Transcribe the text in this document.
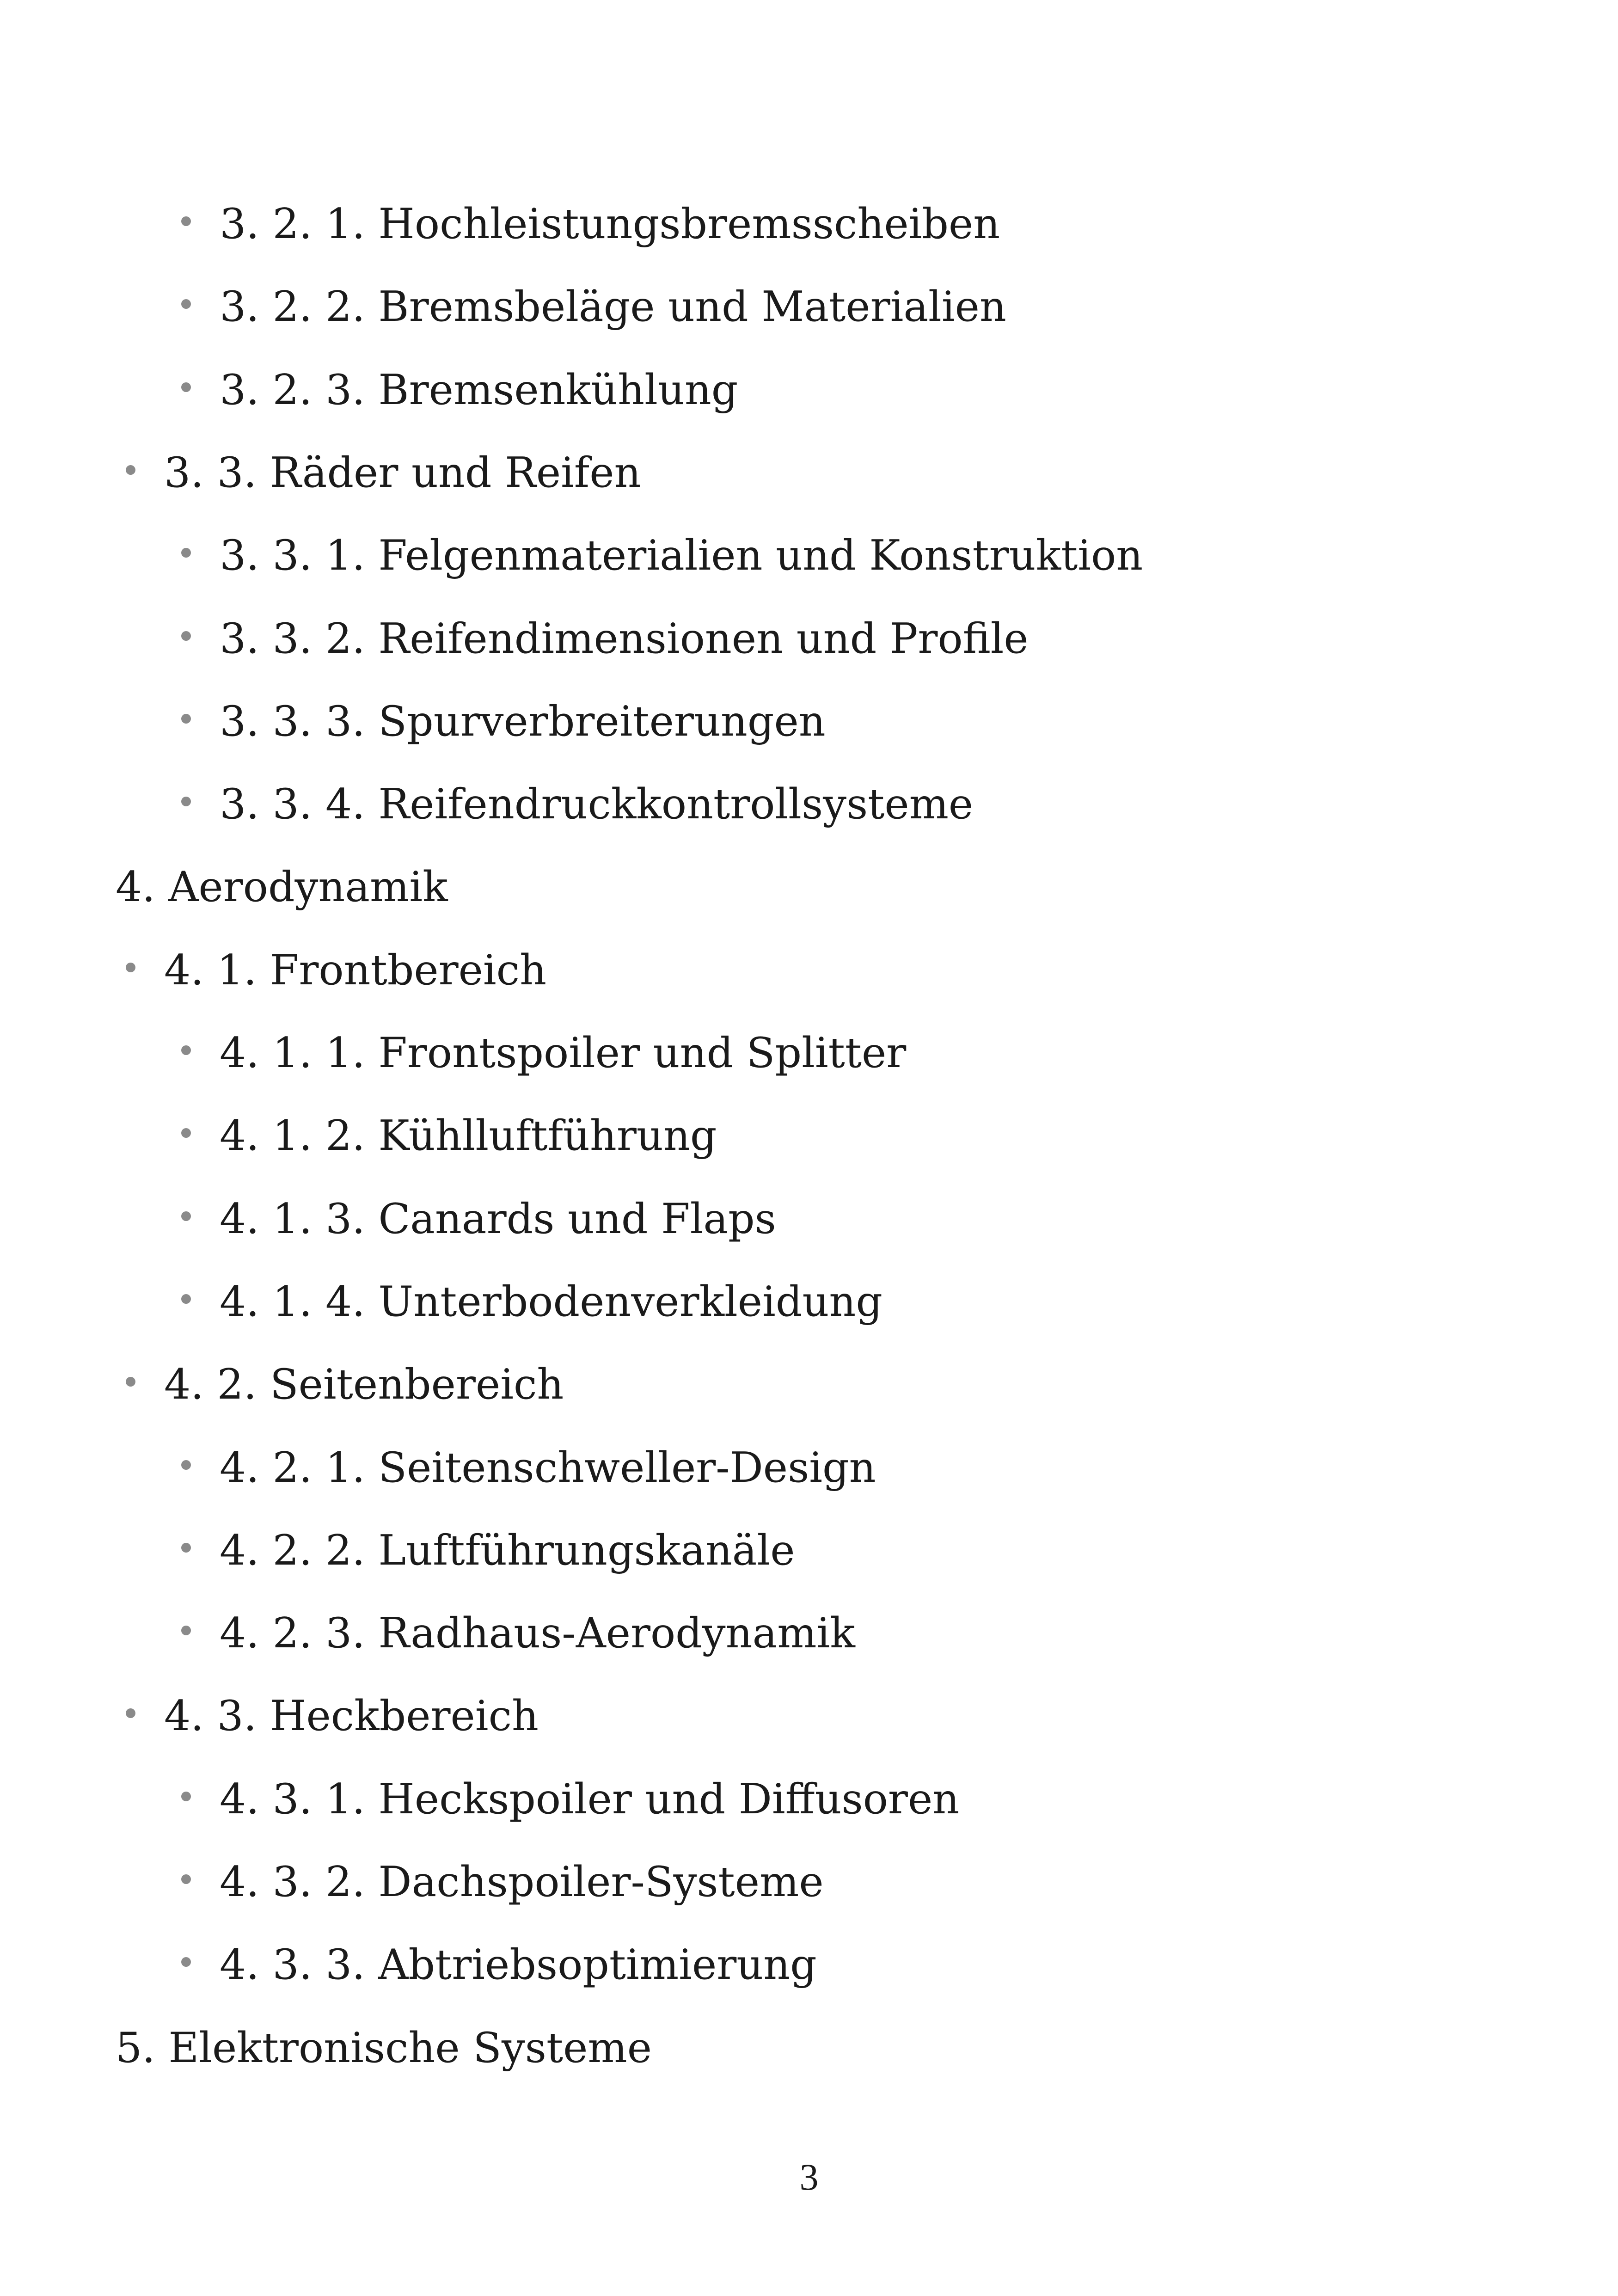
3. 2. 1. Hochleistungsbremsscheiben
3. 2. 2. Bremsbeläge und Materialien
3. 2. 3. Bremsenkühlung
3. 3. Räder und Reifen
3. 3. 1. Felgenmaterialien und Konstruktion
3. 3. 2. Reifendimensionen und Profile
3. 3. 3. Spurverbreiterungen
3. 3. 4. Reifendruckkontrollsysteme
4. Aerodynamik
4. 1. Frontbereich
4. 1. 1. Frontspoiler und Splitter
4. 1. 2. Kühlluftführung
4. 1. 3. Canards und Flaps
4. 1. 4. Unterbodenverkleidung
4. 2. Seitenbereich
4. 2. 1. Seitenschweller-Design
4. 2. 2. Luftführungskanäle
4. 2. 3. Radhaus-Aerodynamik
4. 3. Heckbereich
4. 3. 1. Heckspoiler und Diffusoren
4. 3. 2. Dachspoiler-Systeme
4. 3. 3. Abtriebsoptimierung
5. Elektronische Systeme
3
